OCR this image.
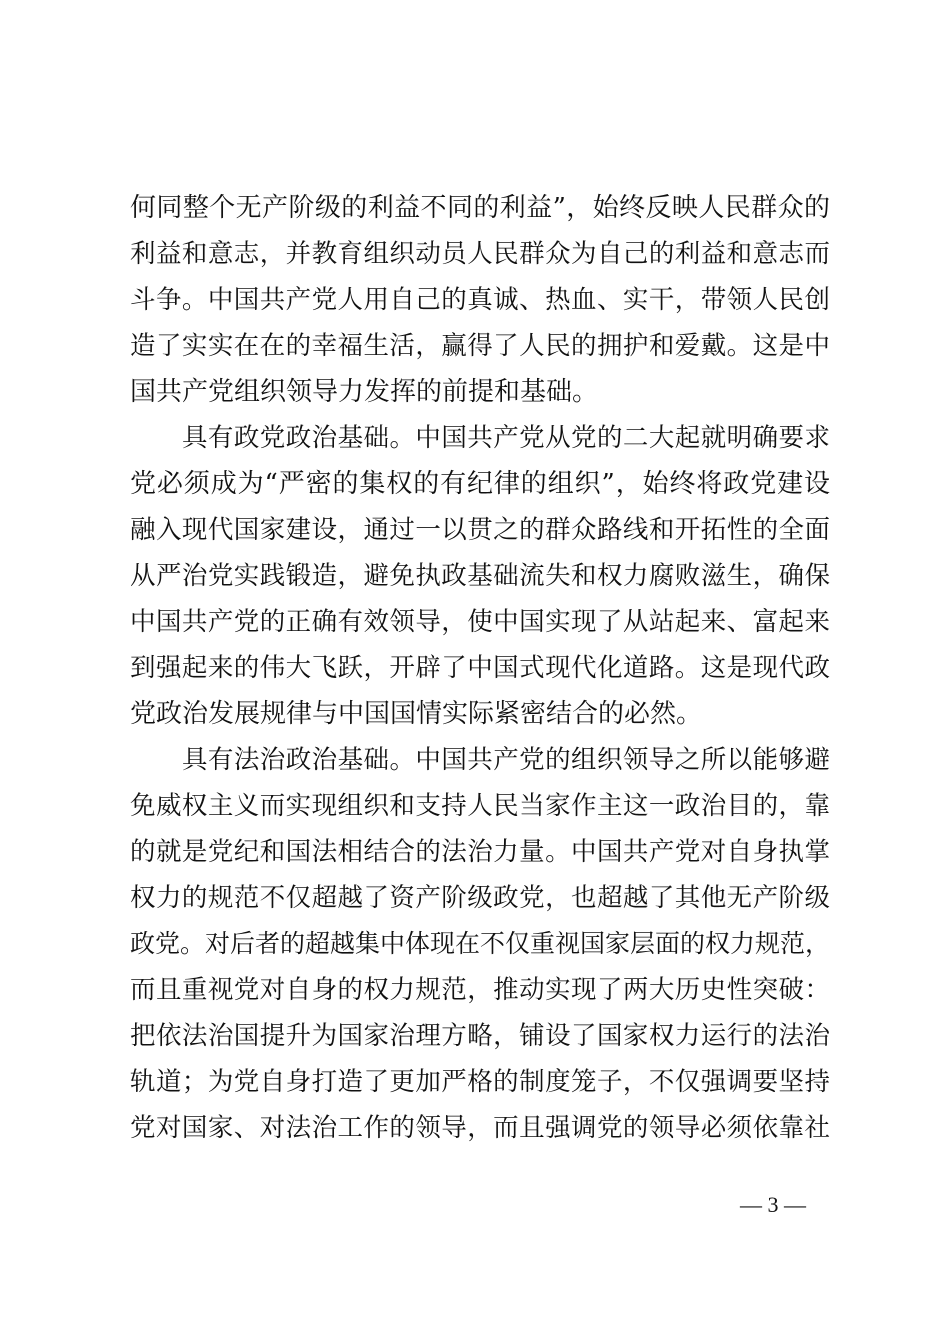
何同整个无产阶级的利益不同的利益”，始终反映人民群众的
利益和意志，并教育组织动员人民群众为自己的利益和意志而
斗争。中国共产党人用自己的真诚、热血、实干，带领人民创
造了实实在在的幸福生活，赢得了人民的拥护和爱戴。这是中
国共产党组织领导力发挥的前提和基础。
具有政党政治基础。中国共产党从党的二大起就明确要求
党必须成为“严密的集权的有纪律的组织”，始终将政党建设
融入现代国家建设，通过一以贯之的群众路线和开拓性的全面
从严治党实践锻造，避免执政基础流失和权力腐败滋生，确保
中国共产党的正确有效领导，使中国实现了从站起来、富起来
到强起来的伟大飞跃，开辟了中国式现代化道路。这是现代政
党政治发展规律与中国国情实际紧密结合的必然。
具有法治政治基础。中国共产党的组织领导之所以能够避
免威权主义而实现组织和支持人民当家作主这一政治目的，靠
的就是党纪和国法相结合的法治力量。中国共产党对自身执掌
权力的规范不仅超越了资产阶级政党，也超越了其他无产阶级
政党。对后者的超越集中体现在不仅重视国家层面的权力规范，
而且重视党对自身的权力规范，推动实现了两大历史性突破：
把依法治国提升为国家治理方略，铺设了国家权力运行的法治
轨道；为党自身打造了更加严格的制度笼子，不仅强调要坚持
党对国家、对法治工作的领导，而且强调党的领导必须依靠社
— 3 —
